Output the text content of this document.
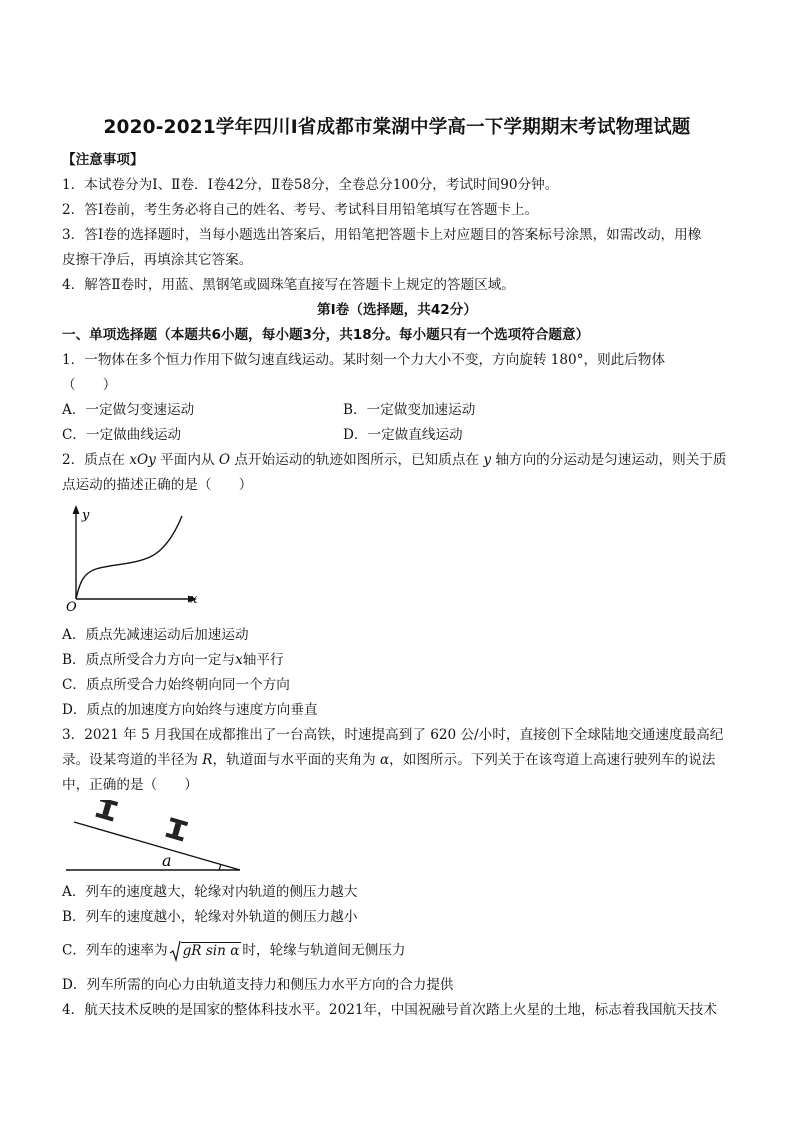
2020-2021学年四川I省成都市棠湖中学高一下学期期末考试物理试题
【注意事项】
1．本试卷分为Ⅰ、Ⅱ卷．Ⅰ卷42分，Ⅱ卷58分，全卷总分100分，考试时间90分钟。
2．答Ⅰ卷前，考生务必将自己的姓名、考号、考试科目用铅笔填写在答题卡上。
3．答Ⅰ卷的选择题时，当每小题选出答案后，用铅笔把答题卡上对应题目的答案标号涂黑，如需改动，用橡
皮擦干净后，再填涂其它答案。
4．解答Ⅱ卷时，用蓝、黑钢笔或圆珠笔直接写在答题卡上规定的答题区域。
第Ⅰ卷（选择题，共42分）
一、单项选择题（本题共6小题，每小题3分，共18分。每小题只有一个选项符合题意）
1．一物体在多个恒力作用下做匀速直线运动。某时刻一个力大小不变，方向旋转 180°，则此后物体
（　　）
A．一定做匀变速运动	B．一定做变加速运动
C．一定做曲线运动	D．一定做直线运动
2．质点在 xOy 平面内从 O 点开始运动的轨迹如图所示，已知质点在 y 轴方向的分运动是匀速运动，则关于质
点运动的描述正确的是（　　）
y
x
O
A．质点先减速运动后加速运动
B．质点所受合力方向一定与x轴平行
C．质点所受合力始终朝向同一个方向
D．质点的加速度方向始终与速度方向垂直
3．2021 年 5 月我国在成都推出了一台高铁，时速提高到了 620 公/小时，直接创下全球陆地交通速度最高纪
录。设某弯道的半径为 R，轨道面与水平面的夹角为 α，如图所示。下列关于在该弯道上高速行驶列车的说法
中，正确的是（　　）
a
A．列车的速度越大，轮缘对内轨道的侧压力越大
B．列车的速度越小，轮缘对外轨道的侧压力越小
C．列车的速率为 gR sin α 时，轮缘与轨道间无侧压力
D．列车所需的向心力由轨道支持力和侧压力水平方向的合力提供
4．航天技术反映的是国家的整体科技水平。2021年，中国祝融号首次踏上火星的土地，标志着我国航天技术
